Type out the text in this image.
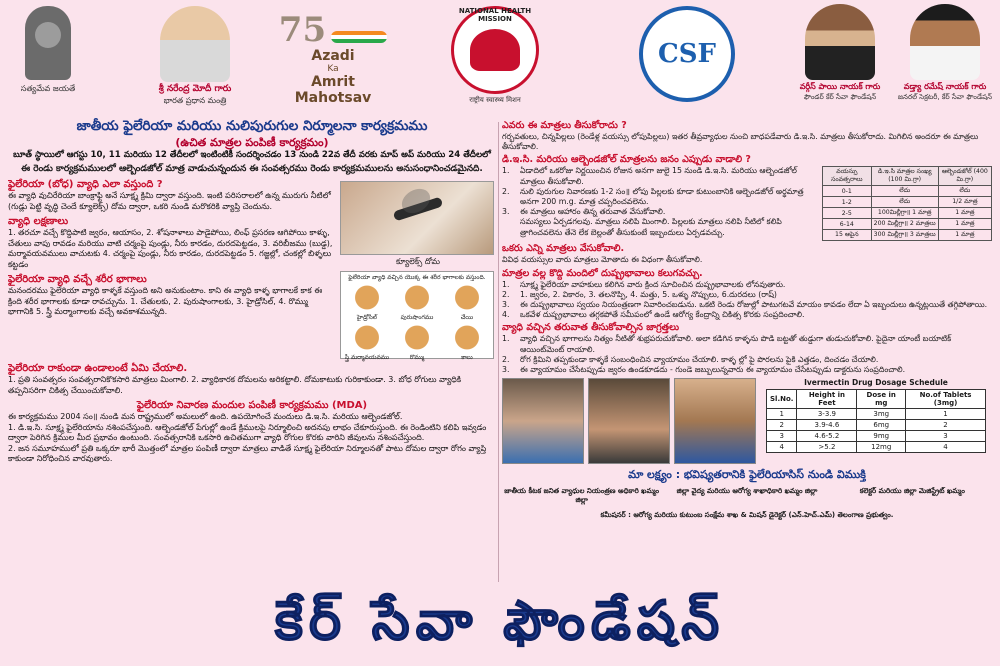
సత్యమేవ జయతే	శ్రీ నరేంద్ర మోదీ గారు
భారత ప్రధాన మంత్రి
75
Azadi
Ka
Amrit Mahotsav
NATIONAL HEALTH MISSION
राष्ट्रीय स्वास्थ्य मिशन
CSF
వర్గీస్‌ పాయి నాయక్‌ గారు
ఫౌండర్‌ కేర్‌ సేవా ఫౌండేషన్‌
వడ్త్యా రమేష్‌ నాయక్‌ గారు
జనరల్‌ సెక్రటరీ, కేర్‌ సేవా ఫౌండేషన్‌
జాతీయ ఫైలేరియా మరియు నులిపురుగుల నిర్మూలనా కార్యక్రమము
(ఉచిత మాత్రల పంపిణీ కార్యక్రమం)
బూత్‌ స్థాయిలో ఆగస్టు 10, 11 మరియు 12 తేదీలలో ఇంటింటికీ సందర్శించడం 13 నుండి 22వ తేదీ వరకు మాప్‌ అప్‌ మరియు 24 తేదీలలో
ఈ రెండు కార్యక్రమములలో ఆల్బెండజోల్‌ మాత్ర వాడుచున్నందున ఈ సంవత్సరము రెండు కార్యక్రమములను అనుసంధానించడమైనది.
ఫైలేరియా (బోధ) వ్యాధి ఎలా వస్తుంది ?
ఈ వ్యాధి వుచిరేరియా బాంక్రాఫ్టి అనే సూక్ష్మ క్రిమి ద్వారా వస్తుంది. ఇంటి పరిసరాలలో ఉన్న మురుగు నీటిలో (గుడ్లు పెట్టి వృద్ధి చెందే క్యూలెక్స్‌) దోమ ద్వారా, ఒకరి నుండి మరొకరికి వ్యాప్తి చెందును.
వ్యాధి లక్షణాలు
1. తరచూ వచ్చే కొద్దిపాటి జ్వరం, ఆయాసం, 2. శోషనాళాలు పాడైపోయి, లింఫ్‌ ప్రసరణ ఆగిపోయి కాళ్ళు, చేతులు వాపు రావడం మరియు వాటి చర్మంపై పుండ్లు, నీరు కారడం, దురదపెట్టడం, 3. వరిబీజము (బుడ్డ), మర్మావయవములు వాచుటకు 4. చర్మంపై పుండ్లు, నీరు కారడం, దురదపెట్టడం 5. గజ్జల్లో, చంకల్లో బిళ్ళలు కట్టడం
ఫైలేరియా వ్యాధి వచ్చే శరీర భాగాలు
మనందరము ఫైలేరియా వ్యాధి కాళ్ళకే వస్తుంది అని అనుకుంటాం. కాని ఈ వ్యాధి కాళ్ళ భాగాలకే కాక ఈ క్రింది శరీర భాగాలకు కూడా రావచ్చును. 1. చేతులకు, 2. పురుషాంగాలకు, 3. హైడ్రోసిల్‌, 4. రొమ్ము భాగానికి 5. స్త్రీ మర్మాంగాలకు వచ్చే అవకాశమున్నది.
క్యూలెక్స్‌ దోమ
ఫైలేరియా వ్యాధి వచ్చిన యొక్క ఈ శరీర భాగాలకు వస్తుంది.
హైడ్రోసిల్‌	పురుషాంగము	చేయి
స్త్రీ మర్మావయవము	రొమ్ము	కాలు
ఫైలేరియా రాకుండా ఉండాలంటే ఏమి చేయాలి.
1. ప్రతి సంవత్సరం సంవత్సరానికొకసారి మాత్రలు మింగాలి. 2. వ్యాధికారక దోమలను అరికట్టాలి. దోమకాటుకు గురికాకుండా. 3. బోధ రోగులు వ్యాధికి తప్పనిసరిగా చికిత్స చేయించుకోవాలి.
ఫైలేరియా నివారణ మందుల పంపిణీ కార్యక్రమము (MDA)
ఈ కార్యక్రమము 2004 సం॥ నుండి మన రాష్ట్రములో అమలులో ఉంది. ఉపయోగించే మందులు డి.ఇ.సి. మరియు ఆల్బెండజోల్‌.
1. డి.ఇ.సి. సూక్ష్మ ఫైలేరియాను నశింపచేస్తుంది. ఆల్బెండజోల్‌ పేగుల్లో ఉండే క్రిములపై నిర్మూలించి అదనపు లాభం చేకూరుస్తుంది. ఈ రెండింటిని కలిపి ఇవ్వడం ద్వారా పెరిగిన క్రిముల మీద ప్రభావం ఉంటుంది. సంవత్సరానికి ఒకసారి ఉచితముగా వ్యాధి రోగుల కొరకు వారిని జీవులను నశింపచేస్తుంది.
2. జన సమూహములో ప్రతి ఒక్కరూ భారీ మొత్తంలో మాత్రల పంపిణీ ద్వారా మాత్రలు వాడితే సూక్ష్మ ఫైలేరియా నిర్మూలనతో పాటు దోమల ద్వారా రోగం వ్యాప్తి కాకుండా నిరోధించిన వారవుతారు.
ఎవరు ఈ మాత్రలు తీసుకోరాదు ?
గర్భవతులు, చిన్నపిల్లలు (రెండేళ్ల వయస్సు లోపుపిల్లలు) ఇతర తీవ్రవ్యాధుల నుంచి బాధపడేవారు డి.ఇ.సి. మాత్రలు తీసుకోరాదు. మిగిలిన అందరూ ఈ మాత్రలు తీసుకోవాలి.
డి.ఇ.సి. మరియు ఆల్బెండజోల్‌ మాత్రలను జనం ఎప్పుడు వాడాలి ?
1.	ఏడాదిలో ఒకరోజు నిర్ణయించిన రోజున అనగా జులై 15 నుండి డి.ఇ.సి. మరియు ఆల్బెండజోల్‌ మాత్రలు తీసుకోవాలి.
2.	నులి పురుగుల నివారణకు 1-2 సం॥ లోపు పిల్లలకు కూడా కుటుంబానికి ఆల్బెండజోల్‌ అర్థమాత్ర అనగా 200 m.g. మాత్ర చప్పరించవలెను.
3.	ఈ మాత్రలు ఆహారం తిన్న తరువాత వేసుకోవాలి.
సమస్యలు ఏర్పడగలవు. మాత్రలు నలిపి మింగాలి. పిల్లలకు మాత్రలు నలిపి నీటిలో కలిపి త్రాగించవలెను తేనె లేక బెల్లంతో తీసుకుంటే ఇబ్బందులు ఏర్పడవచ్చు.
వయస్సు సంవత్సరాలు	డి.ఇ.సి మాత్రల సంఖ్య (100 మి.గ్రా)	ఆల్బెండజోల్‌ (400 మి.గ్రా)
0-1	లేదు	లేదు
1-2	లేదు	1/2 మాత్ర
2-5	100మిల్లీగ్రా॥ 1 మాత్ర	1 మాత్ర
6-14	200 మిల్లీగ్రా॥ 2 మాత్రలు	1 మాత్ర
15 ఆపైన	300 మిల్లీగ్రా॥ 3 మాత్రలు	1 మాత్ర
ఒకరు ఎన్ని మాత్రలు వేసుకోవాలి.
వివిధ వయస్సుల వారు మాత్రలు మోతాదు ఈ విధంగా తీసుకోవాలి.
మాత్రల వల్ల కొద్ది మందిలో దుష్ప్రభావాలు కలుగవచ్చు.
1.	సూక్ష్మ ఫైలేరియా వాహకులు కలిగిన వారు క్రింద సూచించిన దుష్ప్రభావాలకు లోనవుతారు.
2.	1. జ్వరం, 2. వికారం, 3. తలనొప్పి, 4. మత్తు, 5. ఒళ్ళు నొప్పులు, 6.దురదలు (రాష్‌)
3.	ఈ దుష్ప్రభావాలు స్వయం నియంత్రణగా నివారించబడును. ఒకటి రెండు రోజుల్లో పాటుగటవే మాయం కావడం లేదా ఏ ఇబ్బందులు ఉన్నట్లయితే తగ్గిపోతాయి.
4.	ఒకవేళ దుష్ప్రభావాలు తగ్గకపోతే సమీపంలో ఉండే ఆరోగ్య కేంద్రాన్ని చికిత్స కొరకు సంప్రదించాలి.
వ్యాధి వచ్చిన తరువాత తీసుకోవాల్సిన జాగ్రత్తలు
1.	వ్యాధి వచ్చిన భాగాలను నిత్యం నీటితో శుభ్రపరుచుకోవాలి. అలా కడిగిన కాళ్ళను పొడి బట్టతో తుడ్డుగా తుడుచుకోవాలి. పైదైనా యాంటీ బయాటిక్‌ ఆయింట్‌మెంట్‌ రాయాలి.
2.	రోగ క్రిమిని తప్పకుండా కాళ్ళకే సంబంధించిన వ్యాయామం చేయాలి. కాళ్ళ ల్లో పై పొరలను పైకి ఎత్తడం, దించడం చేయాలి.
3.	ఈ వ్యాయామం చేసేటప్పుడు జ్వరం ఉండకూడదు - గుండె జబ్బులున్నవారు ఈ వ్యాయామం చేసేటప్పుడు డాక్టరును సంప్రదించాలి.
Ivermectin Drug Dosage Schedule
Sl.No.	Height in Feet	Dose in mg	No.of Tablets (3mg)
1	3-3.9	3mg	1
2	3.9-4.6	6mg	2
3	4.6-5.2	9mg	3
4	>5.2	12mg	4
మా లక్ష్యం : భవిష్యతరానికి ఫైలేరియాసిస్‌ నుండి విముక్తి
జాతీయ కీటక జనిత వ్యాధుల నియంత్రణ అధికారి ఖమ్మం జిల్లా
జిల్లా వైద్య మరియు ఆరోగ్య శాఖాధికారి ఖమ్మం జిల్లా	కలెక్టర్‌ మరియు జిల్లా మెజిస్ట్రేట్‌ ఖమ్మం
కమీషనర్‌ : ఆరోగ్య మరియు కుటుంబ సంక్షేమ శాఖ & మిషన్‌ డైరెక్టర్‌ (ఎన్‌.హెచ్‌.ఎమ్‌) తెలంగాణ ప్రభుత్వం.
కేర్‌ సేవా ఫౌండేషన్‌
